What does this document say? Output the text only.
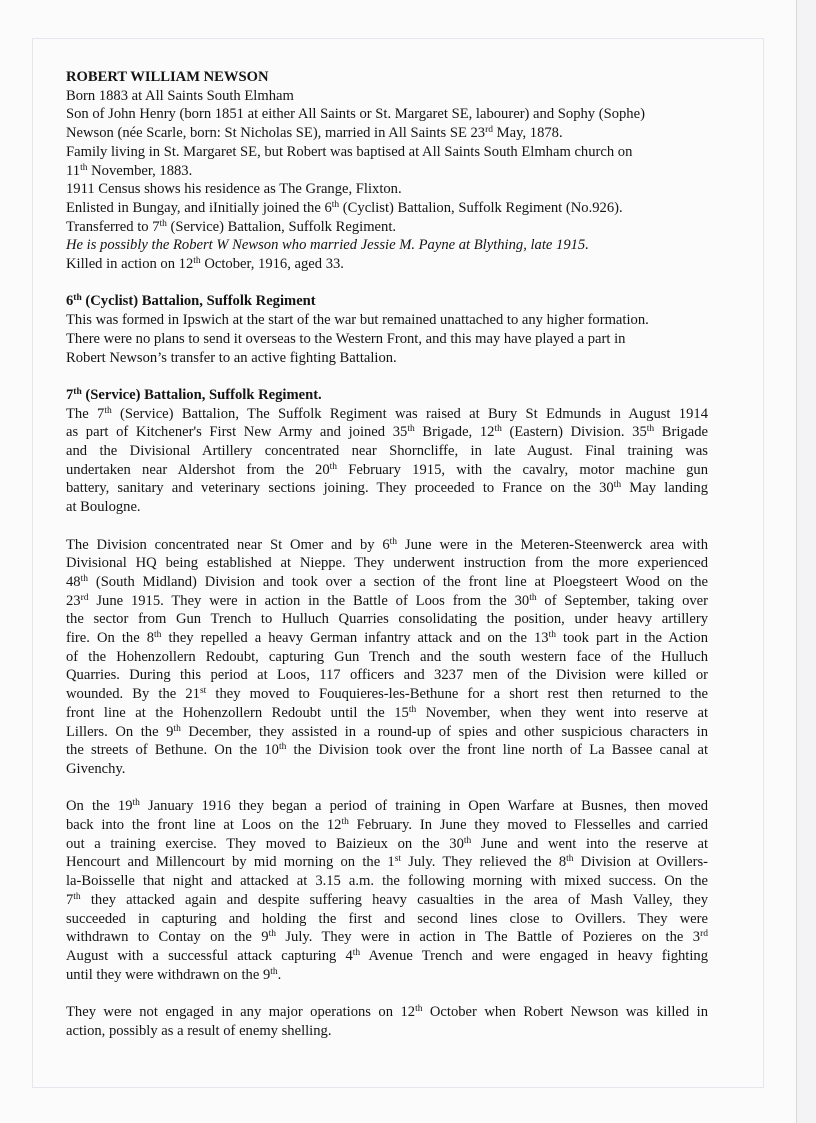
ROBERT WILLIAM NEWSON
Born 1883 at All Saints South Elmham
Son of John Henry (born 1851 at either All Saints or St. Margaret SE, labourer) and Sophy (Sophe)
Newson (née Scarle, born: St Nicholas SE), married in All Saints SE 23rd May, 1878.
Family living in St. Margaret SE, but Robert was baptised at All Saints South Elmham church on
11th November, 1883.
1911 Census shows his residence as The Grange, Flixton.
Enlisted in Bungay, and iInitially joined the 6th (Cyclist) Battalion, Suffolk Regiment (No.926).
Transferred to 7th (Service) Battalion, Suffolk Regiment.
He is possibly the Robert W Newson who married Jessie M. Payne at Blything, late 1915.
Killed in action on 12th October, 1916, aged 33.
6th (Cyclist) Battalion, Suffolk Regiment
This was formed in Ipswich at the start of the war but remained unattached to any higher formation.
There were no plans to send it overseas to the Western Front, and this may have played a part in
Robert Newson’s transfer to an active fighting Battalion.
7th (Service) Battalion, Suffolk Regiment.
The 7th (Service) Battalion, The Suffolk Regiment was raised at Bury St Edmunds in August 1914
as part of Kitchener's First New Army and joined 35th Brigade, 12th (Eastern) Division. 35th Brigade
and the Divisional Artillery concentrated near Shorncliffe, in late August. Final training was
undertaken near Aldershot from the 20th February 1915, with the cavalry, motor machine gun
battery, sanitary and veterinary sections joining. They proceeded to France on the 30th May landing
at Boulogne.
The Division concentrated near St Omer and by 6th June were in the Meteren-Steenwerck area with
Divisional HQ being established at Nieppe. They underwent instruction from the more experienced
48th (South Midland) Division and took over a section of the front line at Ploegsteert Wood on the
23rd June 1915. They were in action in the Battle of Loos from the 30th of September, taking over
the sector from Gun Trench to Hulluch Quarries consolidating the position, under heavy artillery
fire. On the 8th they repelled a heavy German infantry attack and on the 13th took part in the Action
of the Hohenzollern Redoubt, capturing Gun Trench and the south western face of the Hulluch
Quarries. During this period at Loos, 117 officers and 3237 men of the Division were killed or
wounded. By the 21st they moved to Fouquieres-les-Bethune for a short rest then returned to the
front line at the Hohenzollern Redoubt until the 15th November, when they went into reserve at
Lillers. On the 9th December, they assisted in a round-up of spies and other suspicious characters in
the streets of Bethune. On the 10th the Division took over the front line north of La Bassee canal at
Givenchy.
On the 19th January 1916 they began a period of training in Open Warfare at Busnes, then moved
back into the front line at Loos on the 12th February. In June they moved to Flesselles and carried
out a training exercise. They moved to Baizieux on the 30th June and went into the reserve at
Hencourt and Millencourt by mid morning on the 1st July. They relieved the 8th Division at Ovillers-
la-Boisselle that night and attacked at 3.15 a.m. the following morning with mixed success. On the
7th they attacked again and despite suffering heavy casualties in the area of Mash Valley, they
succeeded in capturing and holding the first and second lines close to Ovillers. They were
withdrawn to Contay on the 9th July. They were in action in The Battle of Pozieres on the 3rd
August with a successful attack capturing 4th Avenue Trench and were engaged in heavy fighting
until they were withdrawn on the 9th.
They were not engaged in any major operations on 12th October when Robert Newson was killed in
action, possibly as a result of enemy shelling.
